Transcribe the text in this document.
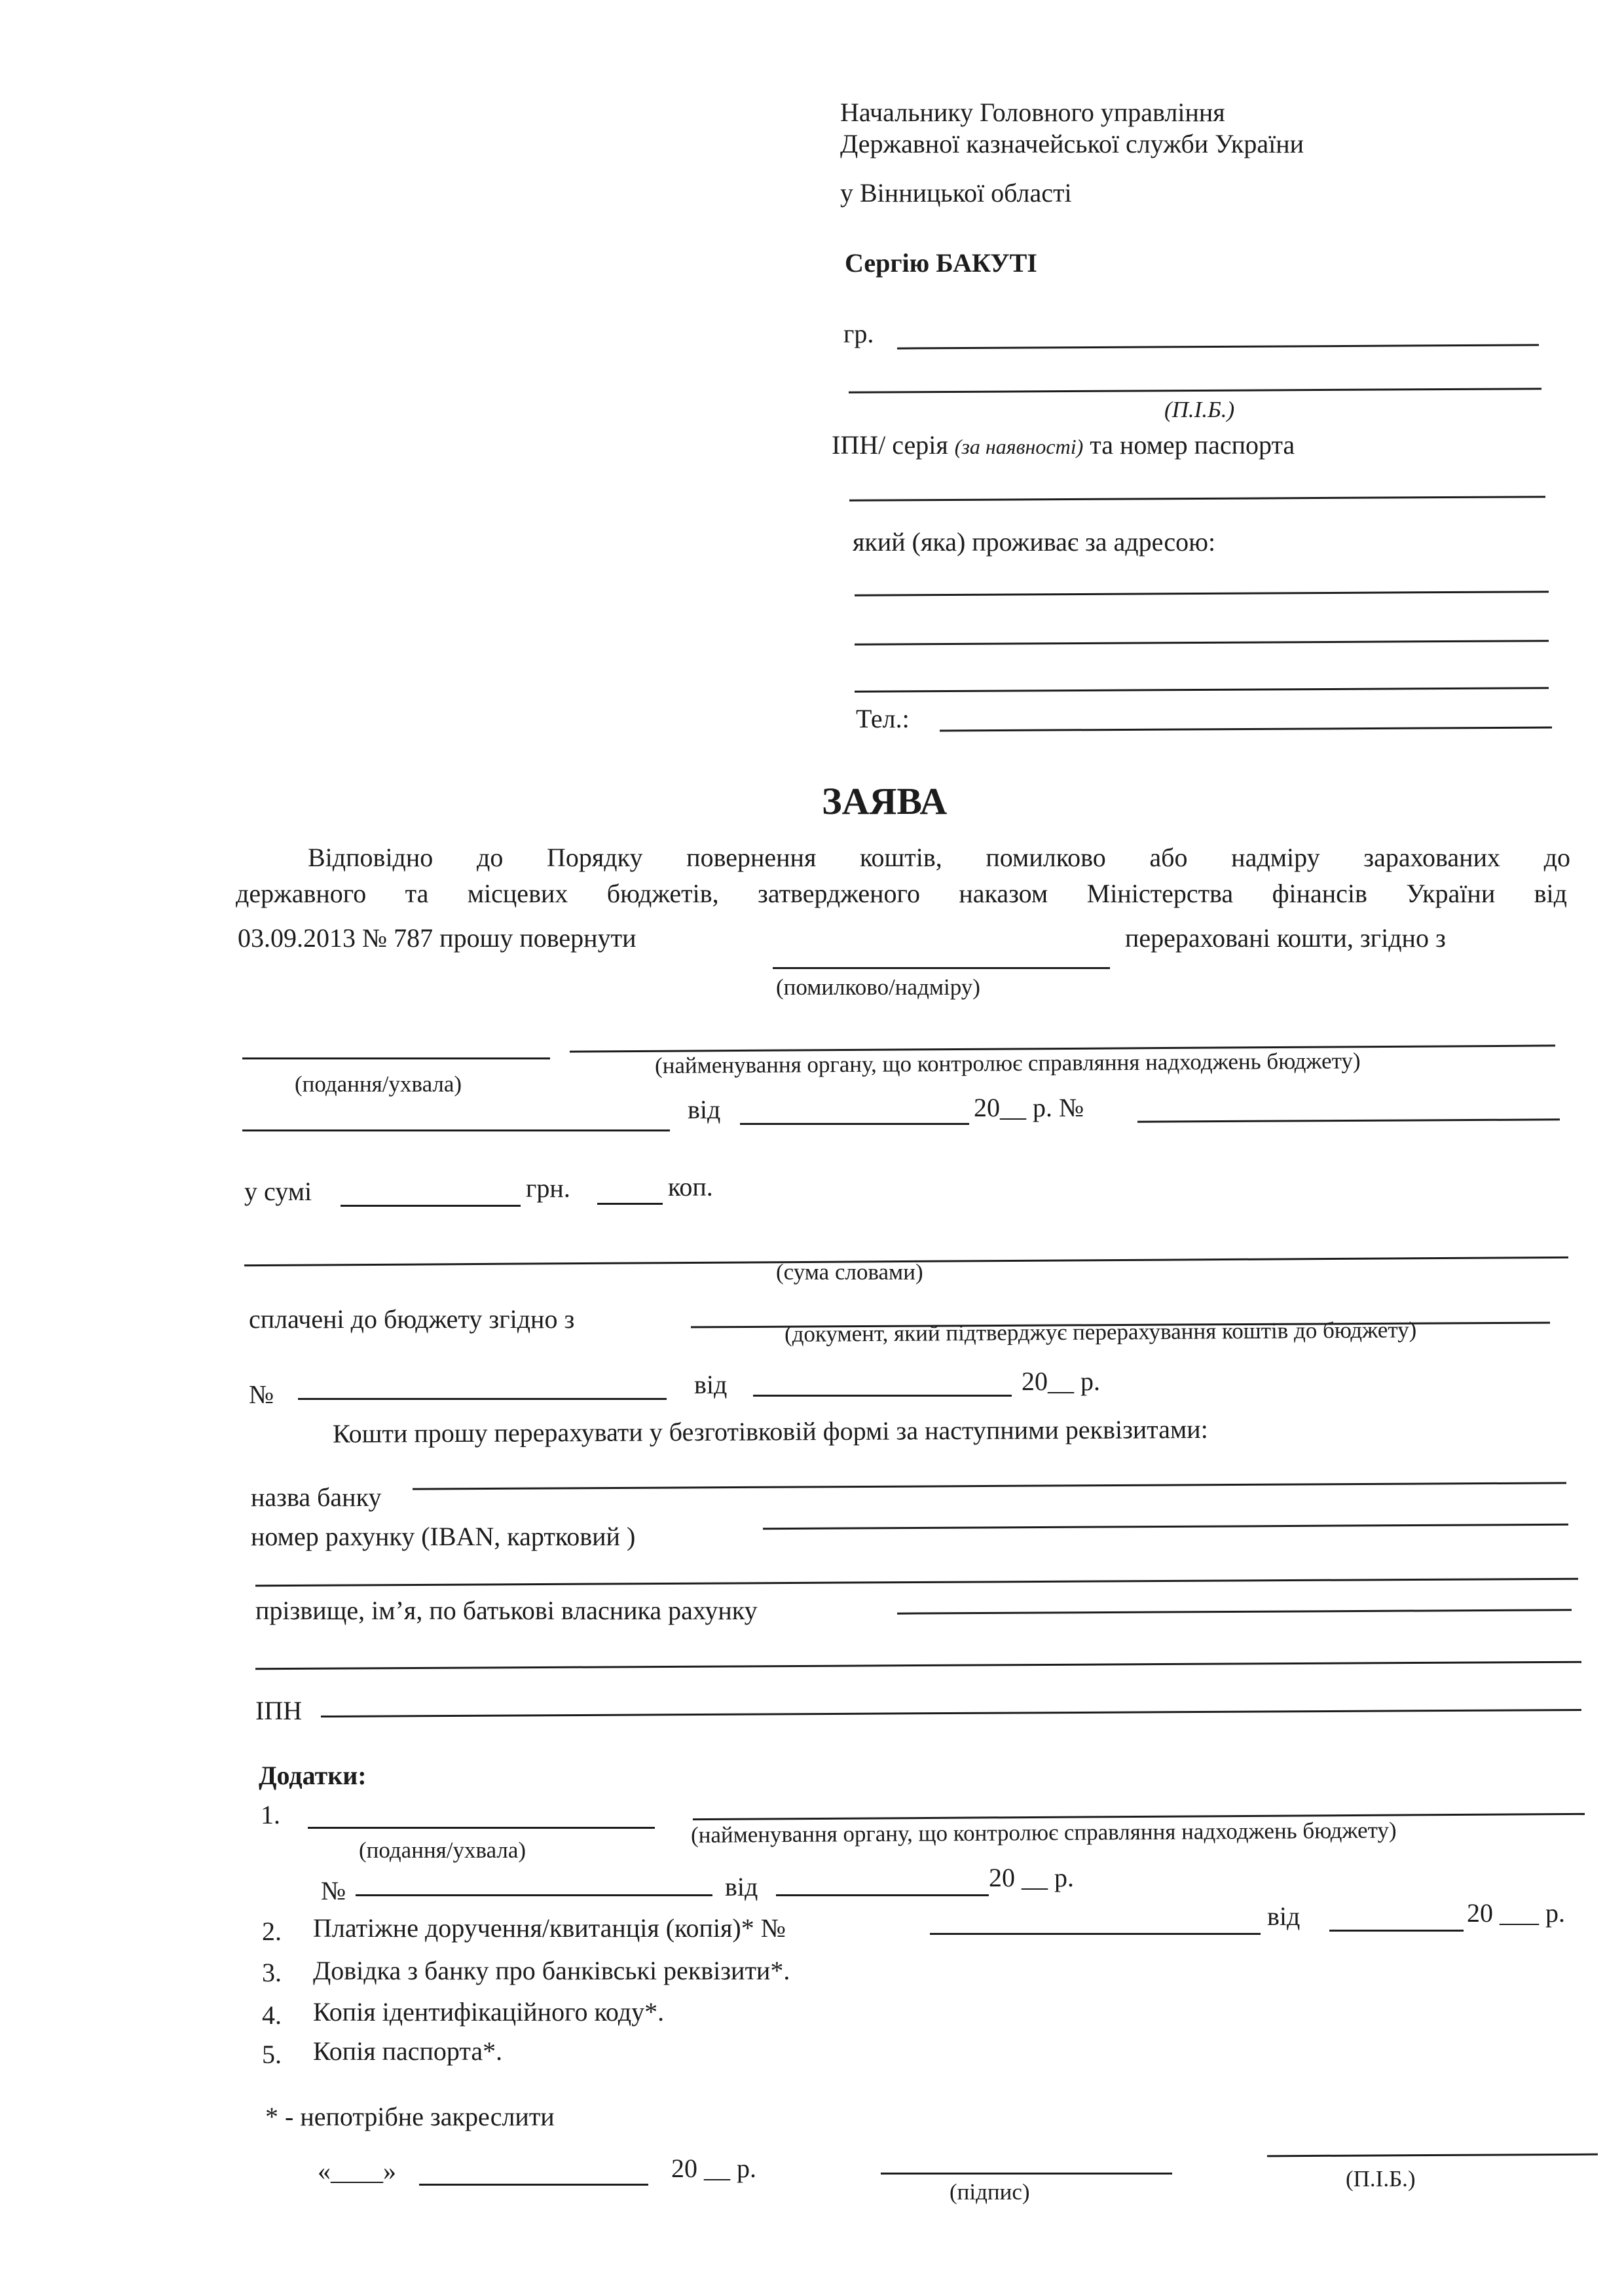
Начальнику Головного управління
Державної казначейської служби України
у Вінницької області
Сергію БАКУТІ
гр.
(П.І.Б.)
ІПН/ серія (за наявності) та номер паспорта
який (яка) проживає за адресою:
Тел.:
ЗАЯВА
Відповідно до Порядку повернення коштів, помилково або надміру зарахованих до
державного та місцевих бюджетів, затвердженого наказом Міністерства фінансів України від
03.09.2013 № 787 прошу повернути	перераховані кошти, згідно з
(помилково/надміру)
(подання/ухвала)
(найменування органу, що контролює справляння надходжень бюджету)
від	20__ р. №
у сумі	грн.	коп.
(сума словами)
сплачені до бюджету згідно з	(документ, який підтверджує перерахування коштів до бюджету)
№	від	20__ р.
Кошти прошу перерахувати у безготівковій формі за наступними реквізитами:
назва банку
номер рахунку (IBAN, картковий )
прізвище, ім’я, по батькові власника рахунку
ІПН
Додатки:
1.
(подання/ухвала)
(найменування органу, що контролює справляння надходжень бюджету)
№	від	20 __ р.
2. Платіжне доручення/квитанція (копія)* №	від	20 ___ р.
3. Довідка з банку про банківські реквізити*.
4. Копія ідентифікаційного коду*.
5. Копія паспорта*.
* - непотрібне закреслити
«____»	20 __ р.
(підпис)
(П.І.Б.)
